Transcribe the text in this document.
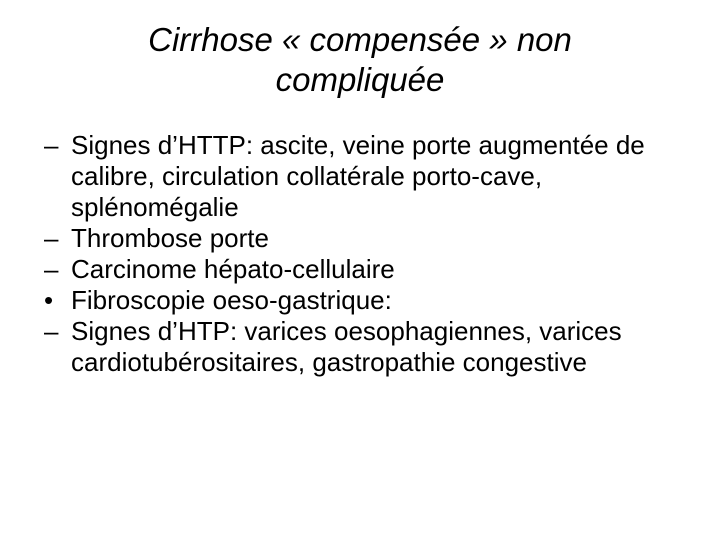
Cirrhose « compensée » non
compliquée
– Signes d’HTTP: ascite, veine porte augmentée de calibre, circulation collatérale porto-cave, splénomégalie
– Thrombose porte
– Carcinome hépato-cellulaire
• Fibroscopie oeso-gastrique:
– Signes d’HTP: varices oesophagiennes, varices cardiotubérositaires, gastropathie congestive
